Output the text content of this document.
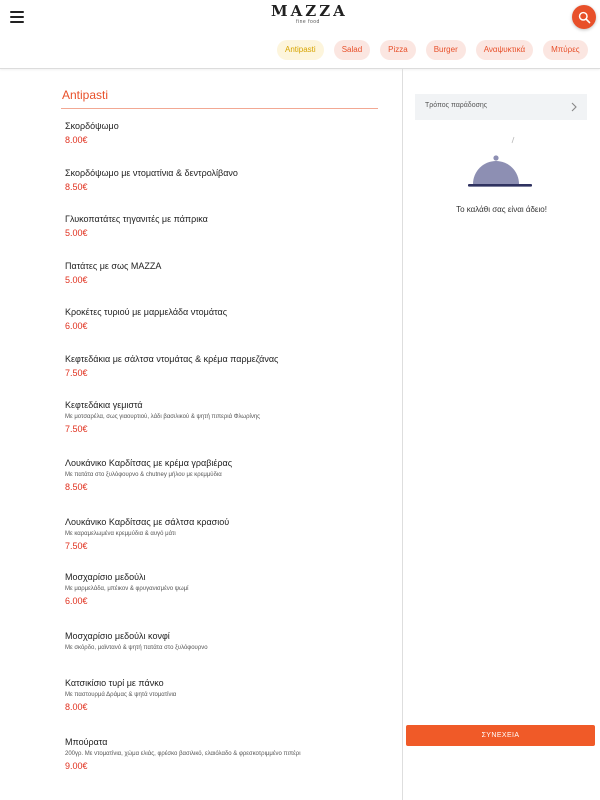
MAZZA
fine food
Antipasti	Salad	Pizza	Burger	Αναψυκτικά	Μπύρες
Antipasti
Σκορδόψωμο
8.00€
Σκορδόψωμο με ντοματίνια & δεντρολίβανο
8.50€
Γλυκοπατάτες τηγανιτές με πάπρικα
5.00€
Πατάτες με σως MAZZA
5.00€
Κροκέτες τυριού με μαρμελάδα ντομάτας
6.00€
Κεφτεδάκια με σάλτσα ντομάτας & κρέμα παρμεζάνας
7.50€
Κεφτεδάκια γεμιστά
Με μοτσαρέλα, σως γιαουρτιού, λάδι βασιλικού & ψητή πιπεριά Φλωρίνης
7.50€
Λουκάνικο Καρδίτσας με κρέμα γραβιέρας
Με πατάτα στο ξυλόφουρνο & chutney μήλου με κρεμμύδια
8.50€
Λουκάνικο Καρδίτσας με σάλτσα κρασιού
Με καραμελωμένα κρεμμύδια & αυγό μάτι
7.50€
Μοσχαρίσιο μεδούλι
Με μαρμελάδα, μπέικον & φρυγανισμένο ψωμί
6.00€
Μοσχαρίσιο μεδούλι κονφί
Με σκόρδο, μαϊντανό & ψητή πατάτα στο ξυλόφουρνο
Κατσικίσιο τυρί με πάνκο
Με παστουρμά Δράμας & ψητά ντοματίνια
8.00€
Μπούρατα
200γρ. Με ντοματίνια, χώμα ελιάς, φρέσκο βασιλικό, ελαιόλαδο & φρεσκοτριμμένο πιπέρι
9.00€
Τρόπος παράδοσης
Το καλάθι σας είναι άδειο!
ΣΥΝΕΧΕΙΑ
